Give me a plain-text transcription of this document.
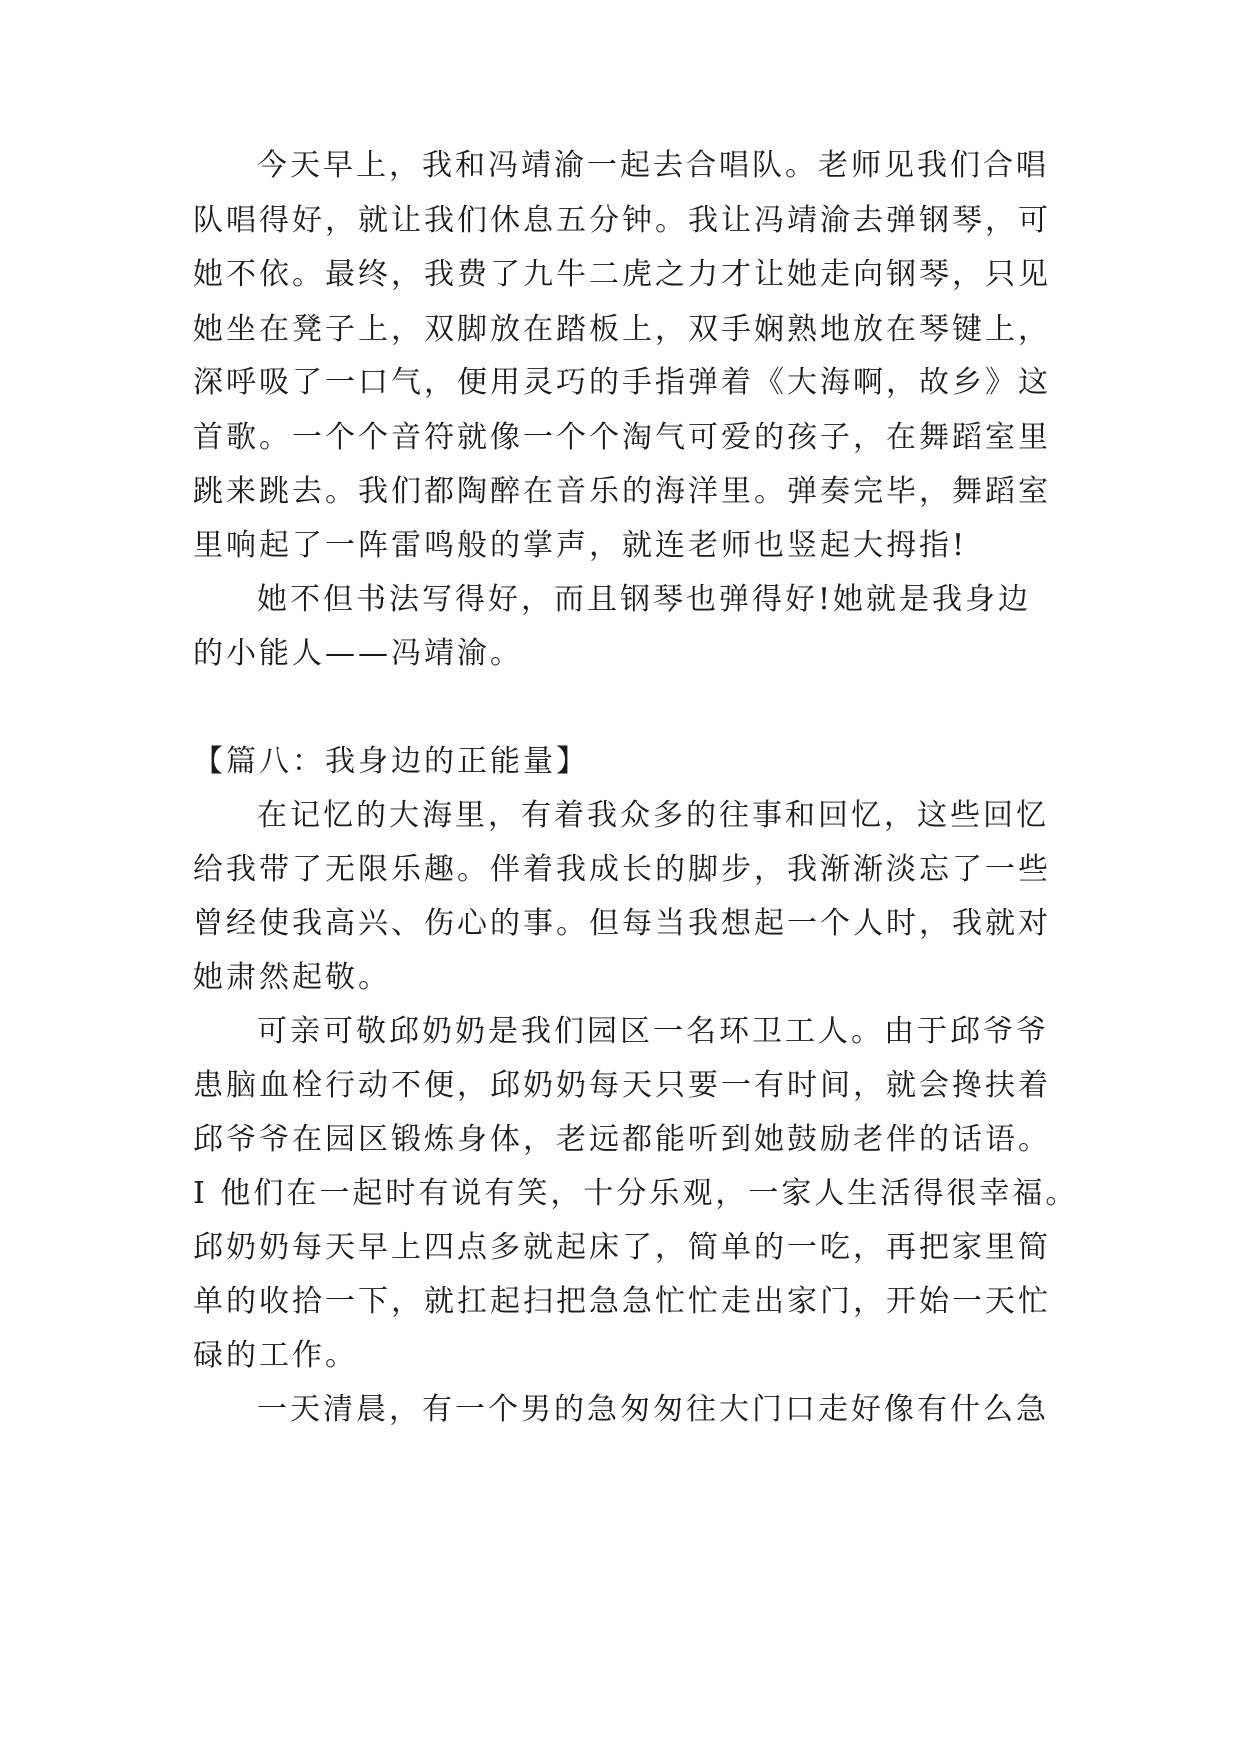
今天早上，我和冯靖渝一起去合唱队。老师见我们合唱
队唱得好，就让我们休息五分钟。我让冯靖渝去弹钢琴，可
她不依。最终，我费了九牛二虎之力才让她走向钢琴，只见
她坐在凳子上，双脚放在踏板上，双手娴熟地放在琴键上，
深呼吸了一口气，便用灵巧的手指弹着《大海啊，故乡》这
首歌。一个个音符就像一个个淘气可爱的孩子，在舞蹈室里
跳来跳去。我们都陶醉在音乐的海洋里。弹奏完毕，舞蹈室
里响起了一阵雷鸣般的掌声，就连老师也竖起大拇指!
她不但书法写得好，而且钢琴也弹得好!她就是我身边
的小能人——冯靖渝。
【篇八：我身边的正能量】
在记忆的大海里，有着我众多的往事和回忆，这些回忆
给我带了无限乐趣。伴着我成长的脚步，我渐渐淡忘了一些
曾经使我高兴、伤心的事。但每当我想起一个人时，我就对
她肃然起敬。
可亲可敬邱奶奶是我们园区一名环卫工人。由于邱爷爷
患脑血栓行动不便，邱奶奶每天只要一有时间，就会搀扶着
邱爷爷在园区锻炼身体，老远都能听到她鼓励老伴的话语。
I 他们在一起时有说有笑，十分乐观，一家人生活得很幸福。
邱奶奶每天早上四点多就起床了，简单的一吃，再把家里简
单的收拾一下，就扛起扫把急急忙忙走出家门，开始一天忙
碌的工作。
一天清晨，有一个男的急匆匆往大门口走好像有什么急
